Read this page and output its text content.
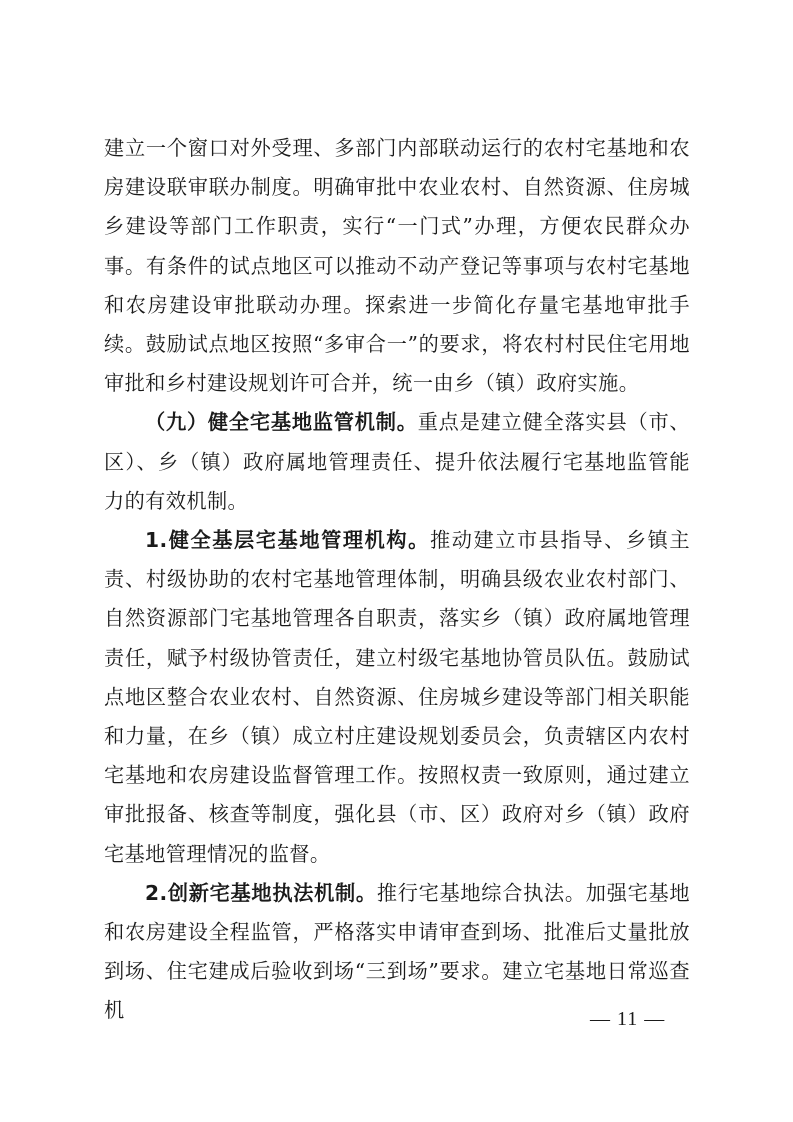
建立一个窗口对外受理、多部门内部联动运行的农村宅基地和农房建设联审联办制度。明确审批中农业农村、自然资源、住房城乡建设等部门工作职责，实行“一门式”办理，方便农民群众办事。有条件的试点地区可以推动不动产登记等事项与农村宅基地和农房建设审批联动办理。探索进一步简化存量宅基地审批手续。鼓励试点地区按照“多审合一”的要求，将农村村民住宅用地审批和乡村建设规划许可合并，统一由乡（镇）政府实施。

（九）健全宅基地监管机制。重点是建立健全落实县（市、区）、乡（镇）政府属地管理责任、提升依法履行宅基地监管能力的有效机制。

1.健全基层宅基地管理机构。推动建立市县指导、乡镇主责、村级协助的农村宅基地管理体制，明确县级农业农村部门、自然资源部门宅基地管理各自职责，落实乡（镇）政府属地管理责任，赋予村级协管责任，建立村级宅基地协管员队伍。鼓励试点地区整合农业农村、自然资源、住房城乡建设等部门相关职能和力量，在乡（镇）成立村庄建设规划委员会，负责辖区内农村宅基地和农房建设监督管理工作。按照权责一致原则，通过建立审批报备、核查等制度，强化县（市、区）政府对乡（镇）政府宅基地管理情况的监督。

2.创新宅基地执法机制。推行宅基地综合执法。加强宅基地和农房建设全程监管，严格落实申请审查到场、批准后丈量批放到场、住宅建成后验收到场“三到场”要求。建立宅基地日常巡查机	— 11 —
